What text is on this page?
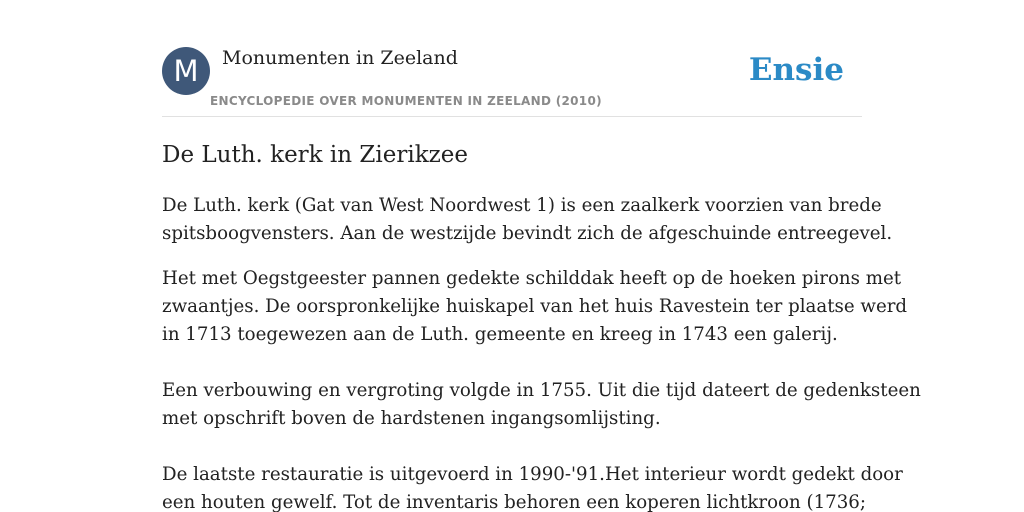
M	Monumenten in Zeeland
ENCYCLOPEDIE OVER MONUMENTEN IN ZEELAND (2010)
Ensie
De Luth. kerk in Zierikzee

De Luth. kerk (Gat van West Noordwest 1) is een zaalkerk voorzien van brede
spitsboogvensters. Aan de westzijde bevindt zich de afgeschuinde entreegevel.

Het met Oegstgeester pannen gedekte schilddak heeft op de hoeken pirons met
zwaantjes. De oorspronkelijke huiskapel van het huis Ravestein ter plaatse werd
in 1713 toegewezen aan de Luth. gemeente en kreeg in 1743 een galerij.

Een verbouwing en vergroting volgde in 1755. Uit die tijd dateert de gedenksteen
met opschrift boven de hardstenen ingangsomlijsting.

De laatste restauratie is uitgevoerd in 1990-'91.Het interieur wordt gedekt door
een houten gewelf. Tot de inventaris behoren een koperen lichtkroon (1736;
